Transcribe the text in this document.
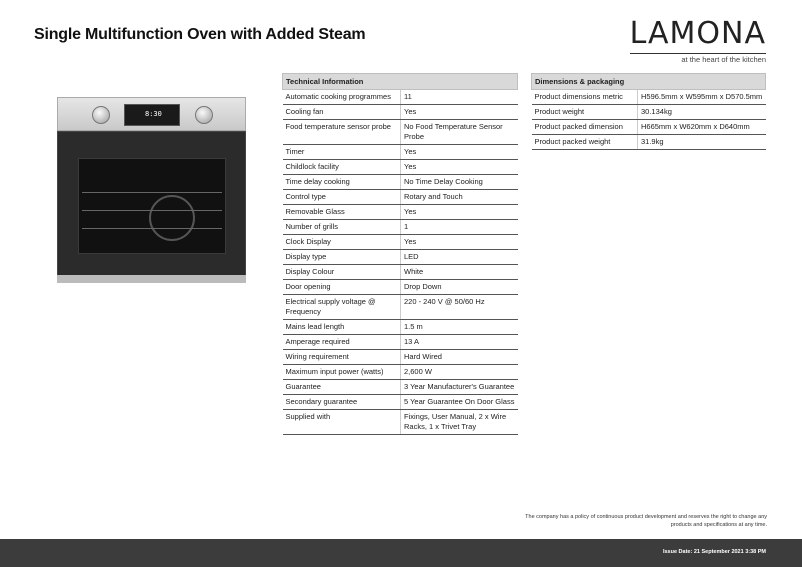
Single Multifunction Oven with Added Steam	LAMONA
at the heart of the kitchen
8:30
Technical Information	
Automatic cooking programmes	11
Cooling fan	Yes
Food temperature sensor probe	No Food Temperature Sensor Probe
Timer	Yes
Childlock facility	Yes
Time delay cooking	No Time Delay Cooking
Control type	Rotary and Touch
Removable Glass	Yes
Number of grills	1
Clock Display	Yes
Display type	LED
Display Colour	White
Door opening	Drop Down
Electrical supply voltage @ Frequency	220 - 240 V @ 50/60 Hz
Mains lead length	1.5 m
Amperage required	13 A
Wiring requirement	Hard Wired
Maximum input power (watts)	2,600 W
Guarantee	3 Year Manufacturer's Guarantee
Secondary guarantee	5 Year Guarantee On Door Glass
Supplied with	Fixings, User Manual, 2 x Wire Racks, 1 x Trivet Tray
Dimensions & packaging	
Product dimensions metric	H596.5mm x W595mm x D570.5mm
Product weight	30.134kg
Product packed dimension	H665mm x W620mm x D640mm
Product packed weight	31.9kg
The company has a policy of continuous product development and reserves the right to change any products and specifications at any time.
Issue Date: 21 September 2021 3:38 PM
